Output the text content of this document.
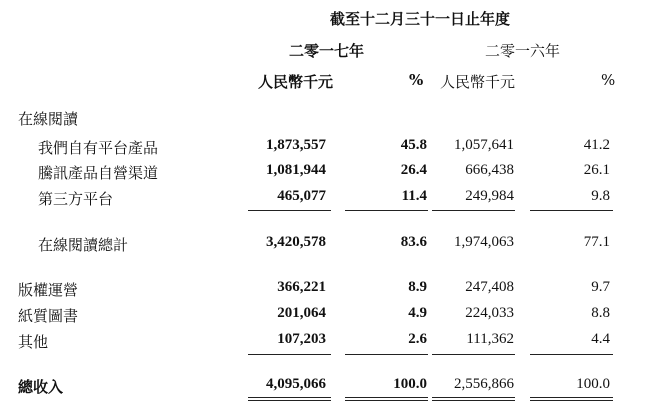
截至十二月三十一日止年度
二零一七年	二零一六年
人民幣千元	% 人民幣千元	%
在線閱讀
我們自有平台產品	1,873,557	45.8 1,057,641	41.2
騰訊產品自營渠道	1,081,944	26.4	666,438	26.1
第三方平台	465,077	11.4	249,984	9.8
在線閱讀總計	3,420,578	83.6 1,974,063	77.1
版權運營	366,221	8.9	247,408	9.7
紙質圖書	201,064	4.9	224,033	8.8
其他	107,203	2.6	111,362	4.4
總收入	4,095,066	100.0 2,556,866	100.0
